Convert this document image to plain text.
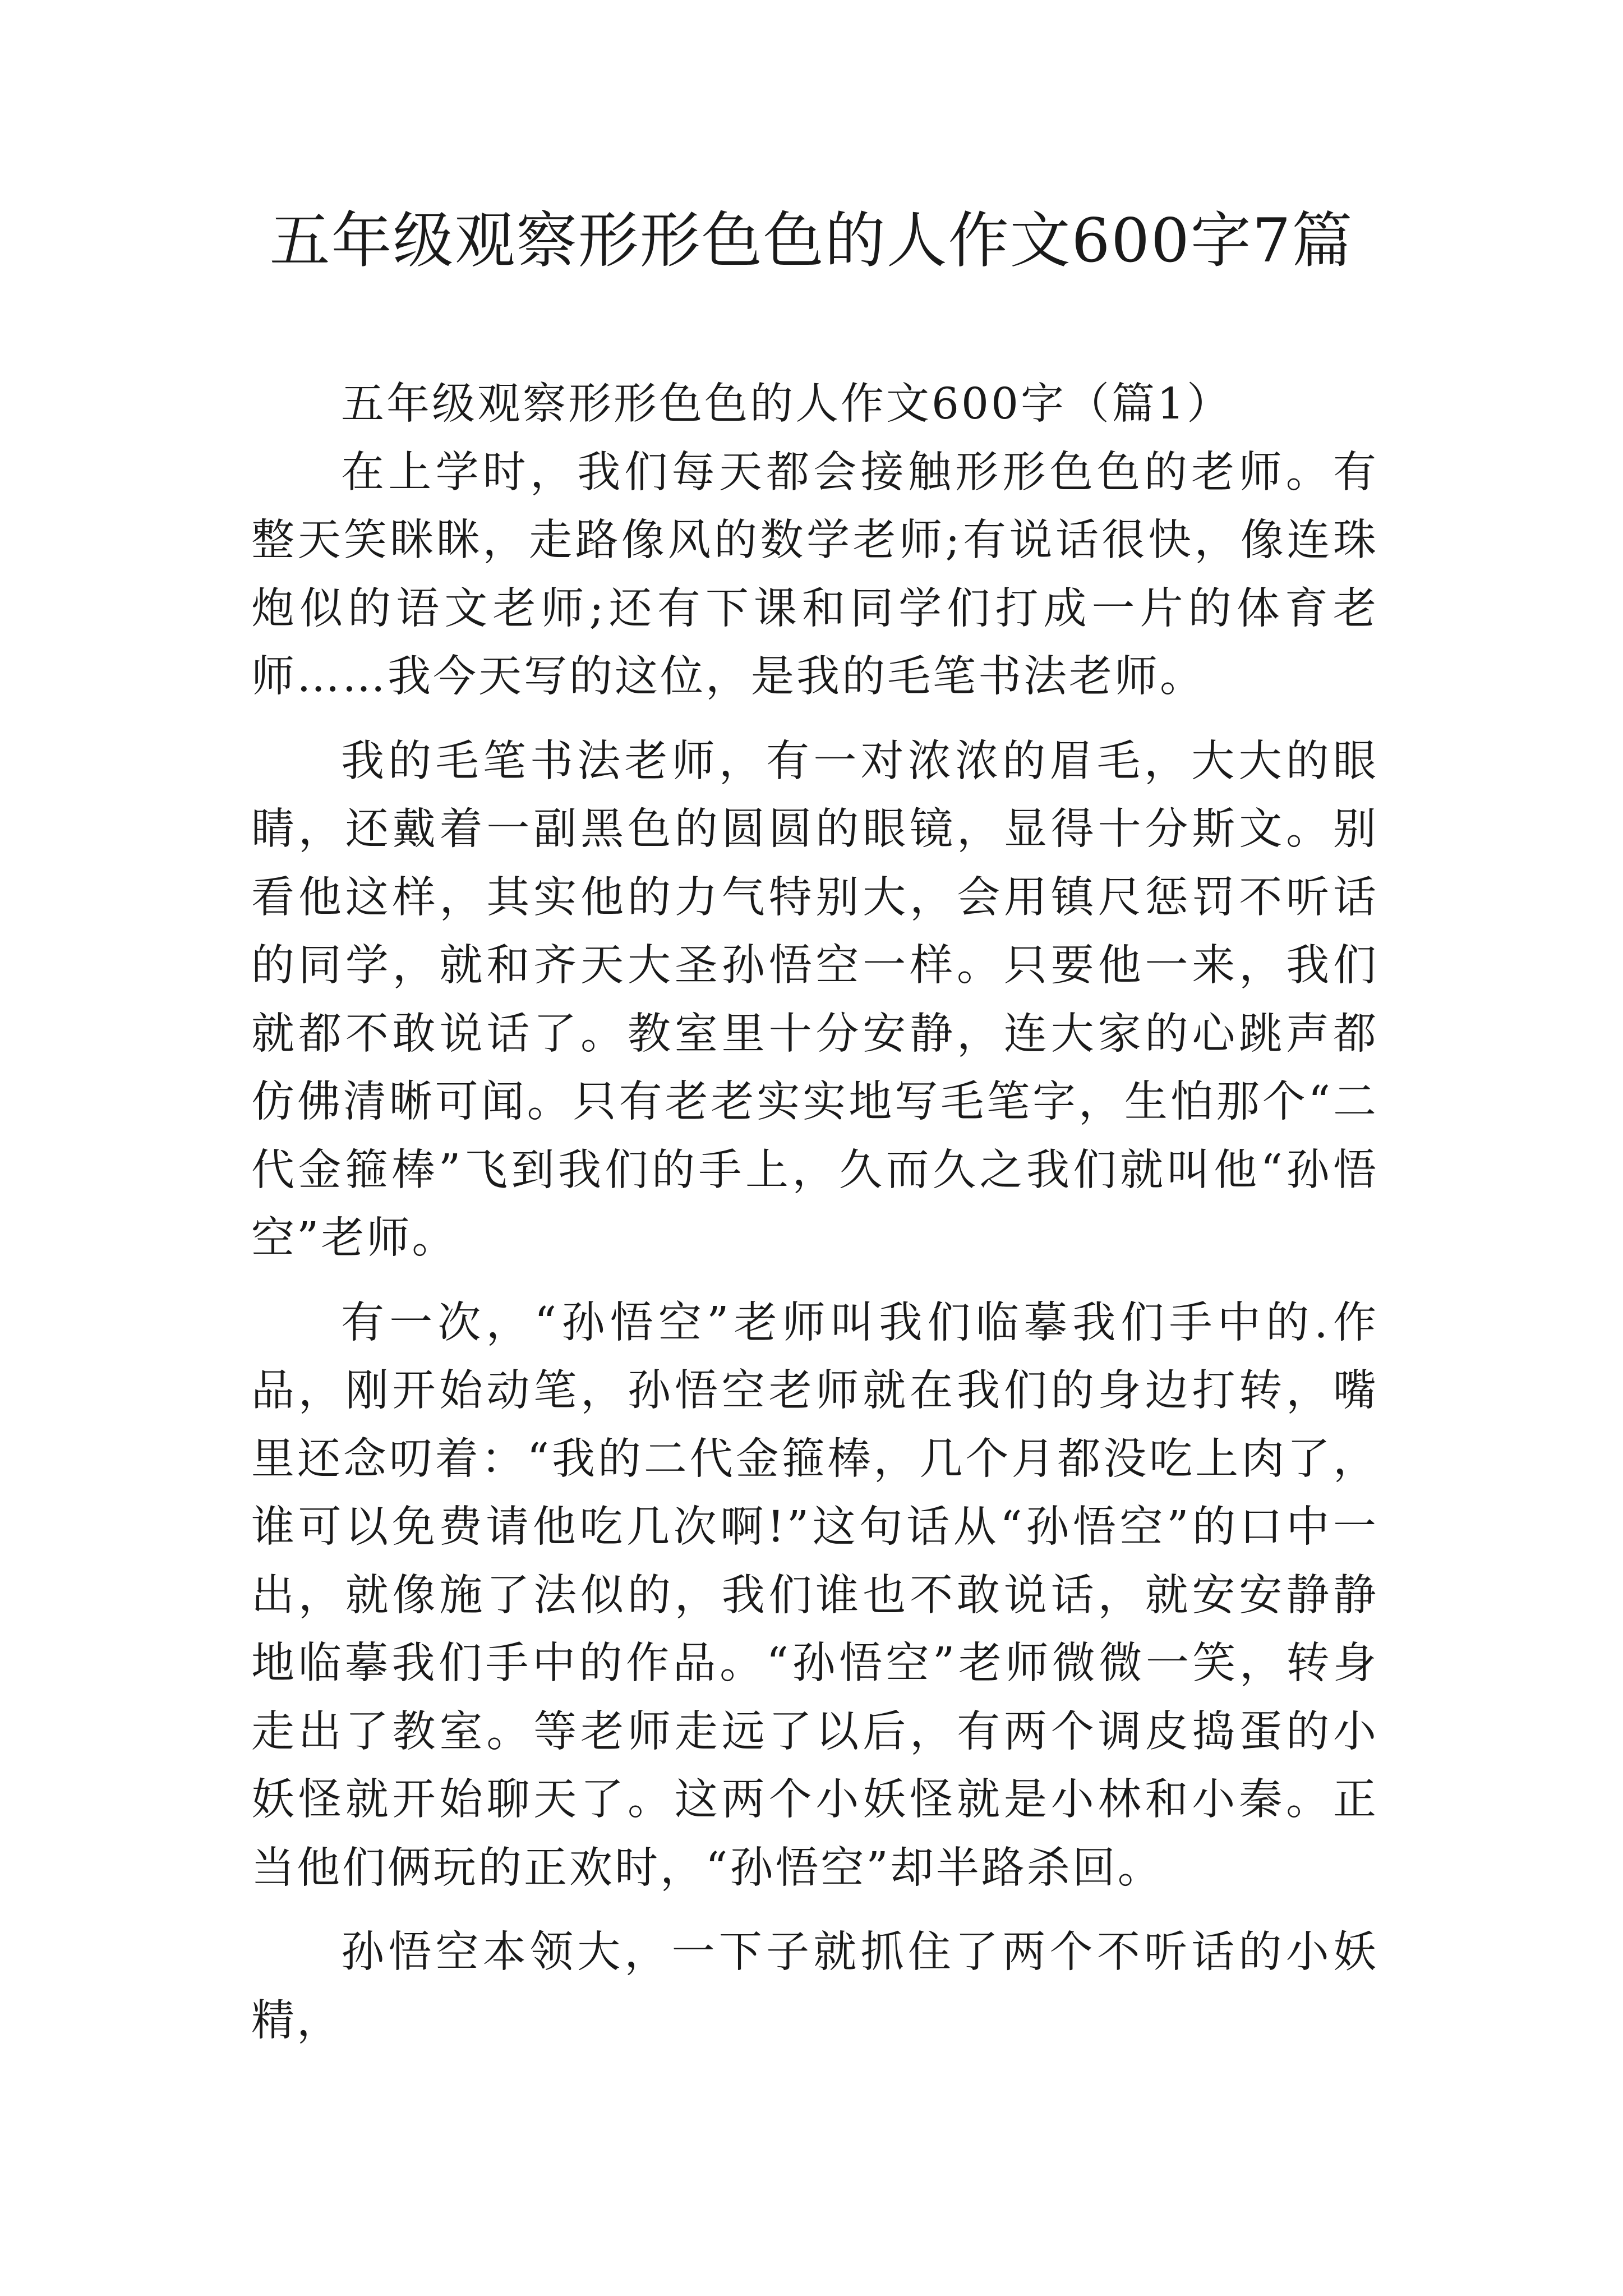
五年级观察形形色色的人作文600字7篇

五年级观察形形色色的人作文600字（篇1）

在上学时，我们每天都会接触形形色色的老师。有整天笑眯眯，走路像风的数学老师;有说话很快，像连珠炮似的语文老师;还有下课和同学们打成一片的体育老师……我今天写的这位，是我的毛笔书法老师。

我的毛笔书法老师，有一对浓浓的眉毛，大大的眼睛，还戴着一副黑色的圆圆的眼镜，显得十分斯文。别看他这样，其实他的力气特别大，会用镇尺惩罚不听话的同学，就和齐天大圣孙悟空一样。只要他一来，我们就都不敢说话了。教室里十分安静，连大家的心跳声都仿佛清晰可闻。只有老老实实地写毛笔字，生怕那个“二代金箍棒”飞到我们的手上，久而久之我们就叫他“孙悟空”老师。

有一次，“孙悟空”老师叫我们临摹我们手中的.作品，刚开始动笔，孙悟空老师就在我们的身边打转，嘴里还念叨着：“我的二代金箍棒，几个月都没吃上肉了，谁可以免费请他吃几次啊!”这句话从“孙悟空”的口中一出，就像施了法似的，我们谁也不敢说话，就安安静静地临摹我们手中的作品。“孙悟空”老师微微一笑，转身走出了教室。等老师走远了以后，有两个调皮捣蛋的小妖怪就开始聊天了。这两个小妖怪就是小林和小秦。正当他们俩玩的正欢时，“孙悟空”却半路杀回。

孙悟空本领大，一下子就抓住了两个不听话的小妖精，
